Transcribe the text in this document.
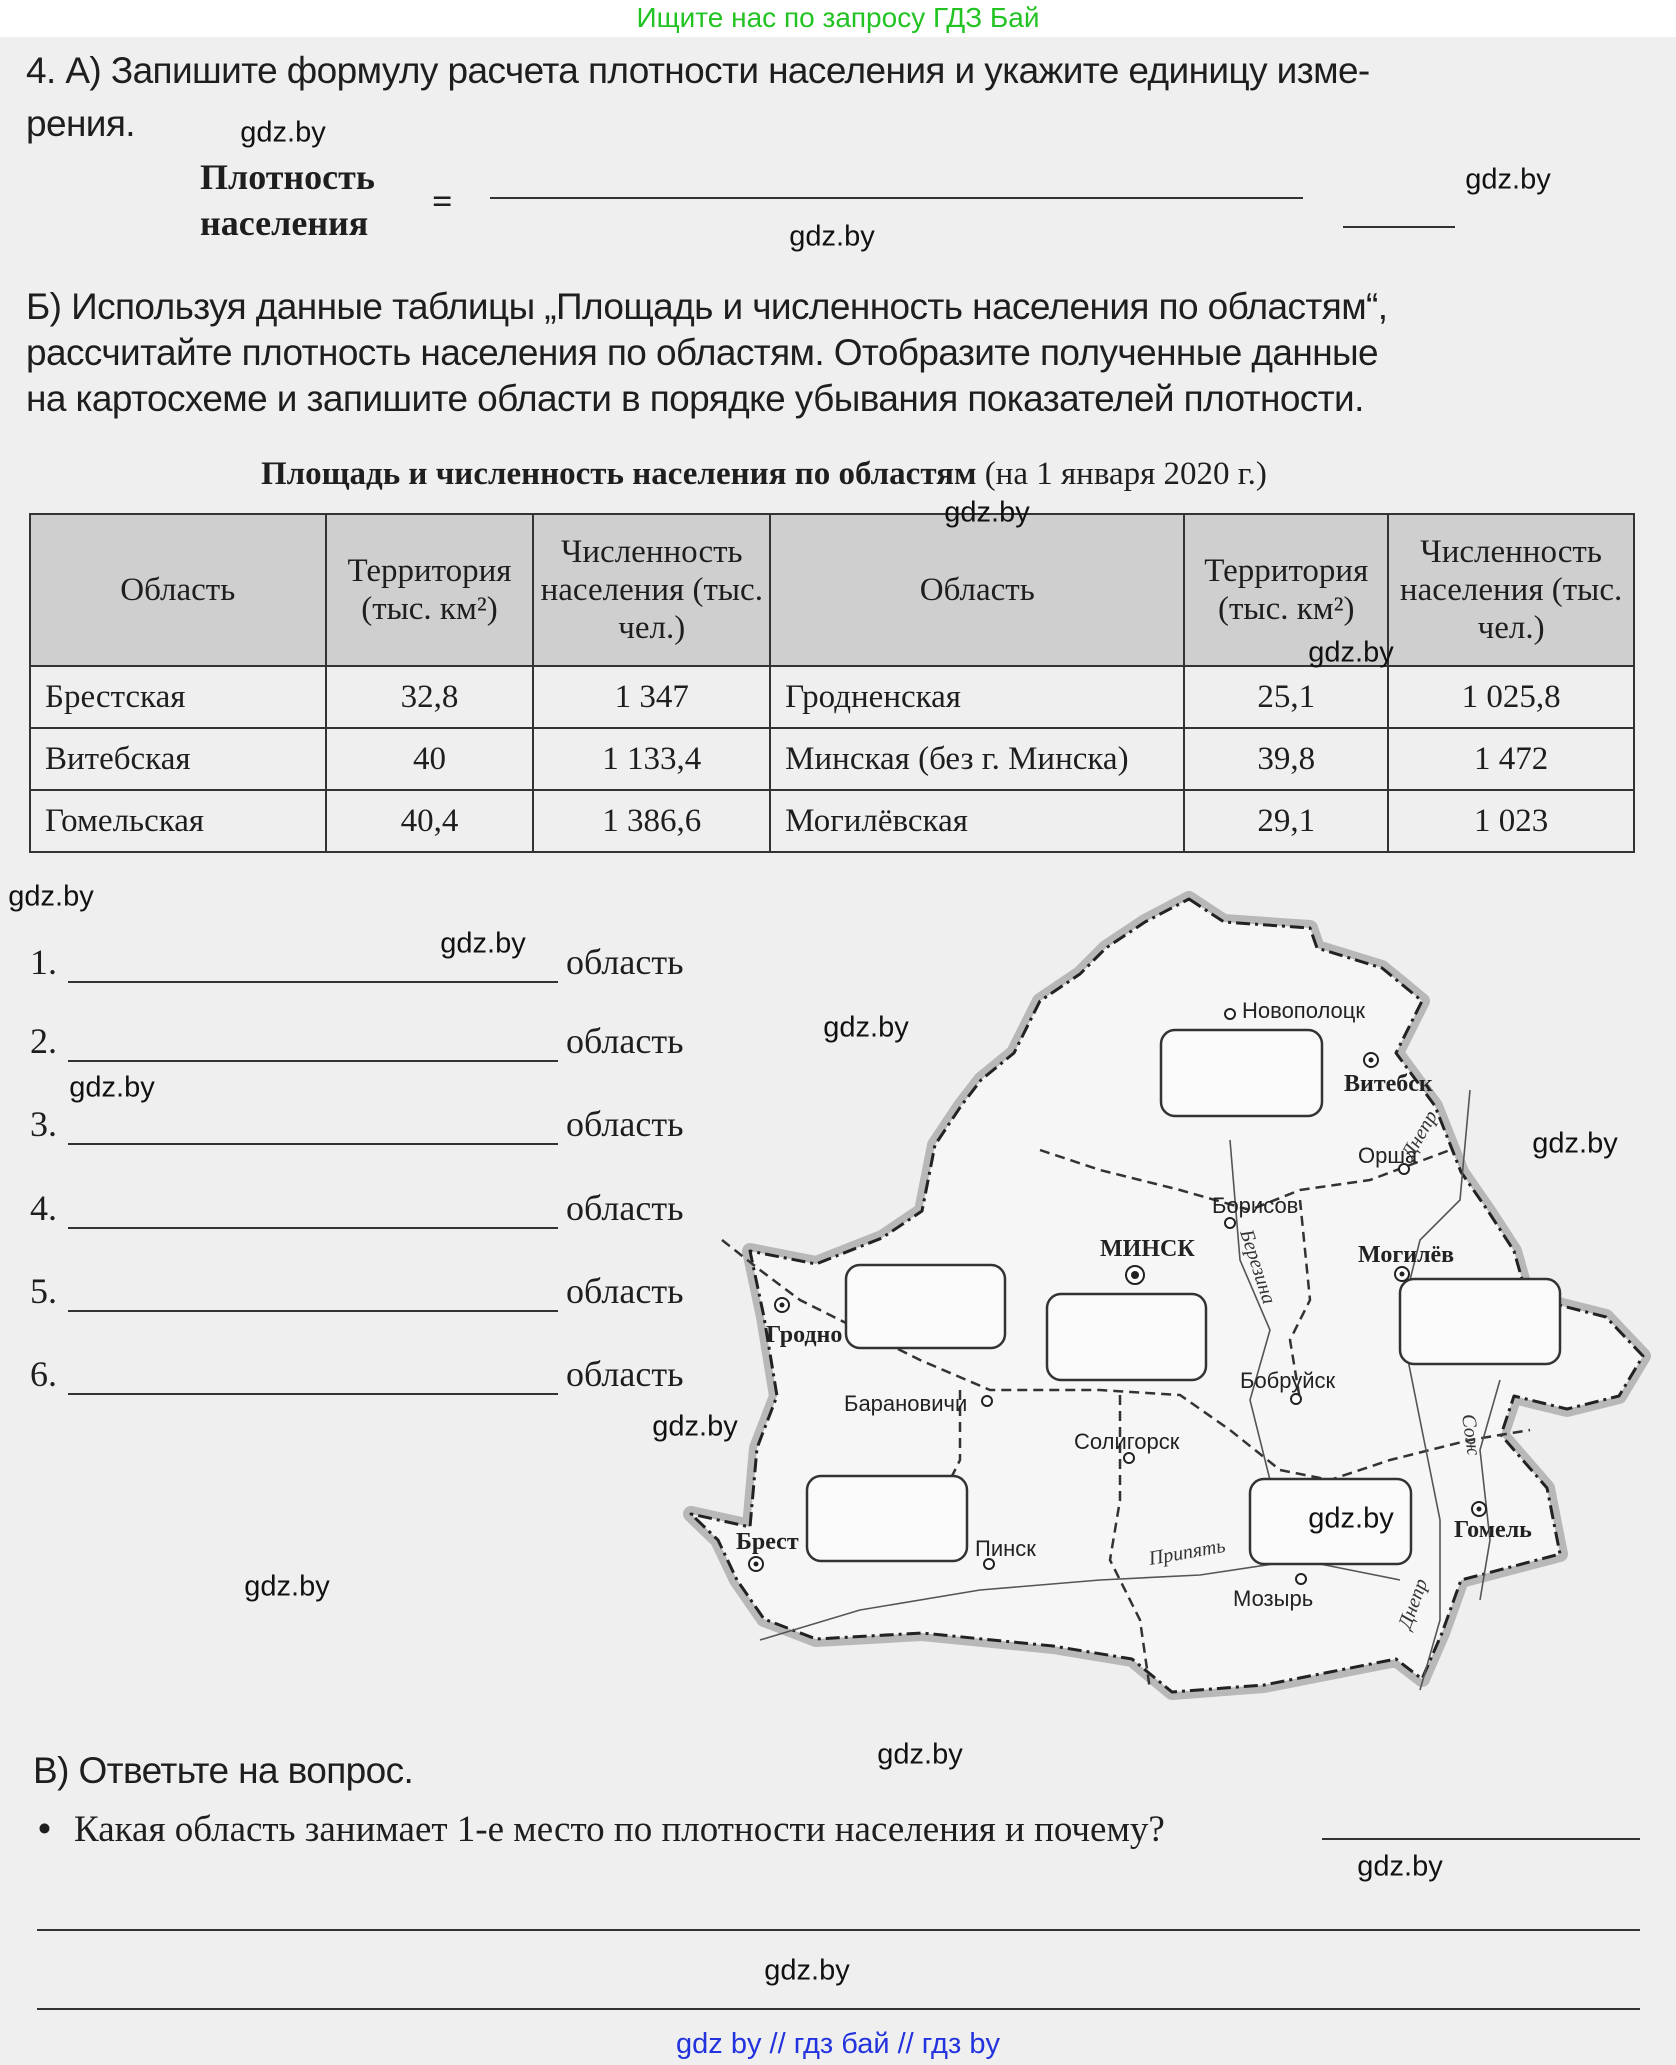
Ищите нас по запросу ГДЗ Бай
4. А) Запишите формулу расчета плотности населения и укажите единицу изме-
рения.
Плотность
населения
=
Б) Используя данные таблицы „Площадь и численность населения по областям“,
рассчитайте плотность населения по областям. Отобразите полученные данные
на картосхеме и запишите области в порядке убывания показателей плотности.
Площадь и численность населения по областям (на 1 января 2020 г.)
Область	Территория (тыс. км²)	Численность населения (тыс. чел.)	Область	Территория (тыс. км²)	Численность населения (тыс. чел.)
Брестская	32,8	1 347	Гродненская	25,1	1 025,8
Витебская	40	1 133,4	Минская (без г. Минска)	39,8	1 472
Гомельская	40,4	1 386,6	Могилёвская	29,1	1 023
1.	область
2.	область
3.	область
4.	область
5.	область
6.	область
Новополоцк
Витебск
Орша
Борисов
МИНСК	Могилёв
Гродно
Бобруйск
Барановичи
Солигорск
Гомель
Брест	Пинск
Мозырь
Днепр
Березина
Сож
Припять
Днепр
В) Ответьте на вопрос.
• Какая область занимает 1-е место по плотности населения и почему?
gdz.by
gdz.by
gdz.by
gdz.by
gdz.by
gdz.by
gdz.by
gdz.by
gdz.by
gdz.by
gdz.by
gdz.by
gdz.by
gdz.by
gdz.by
gdz.by
gdz by // гдз бай // гдз by
